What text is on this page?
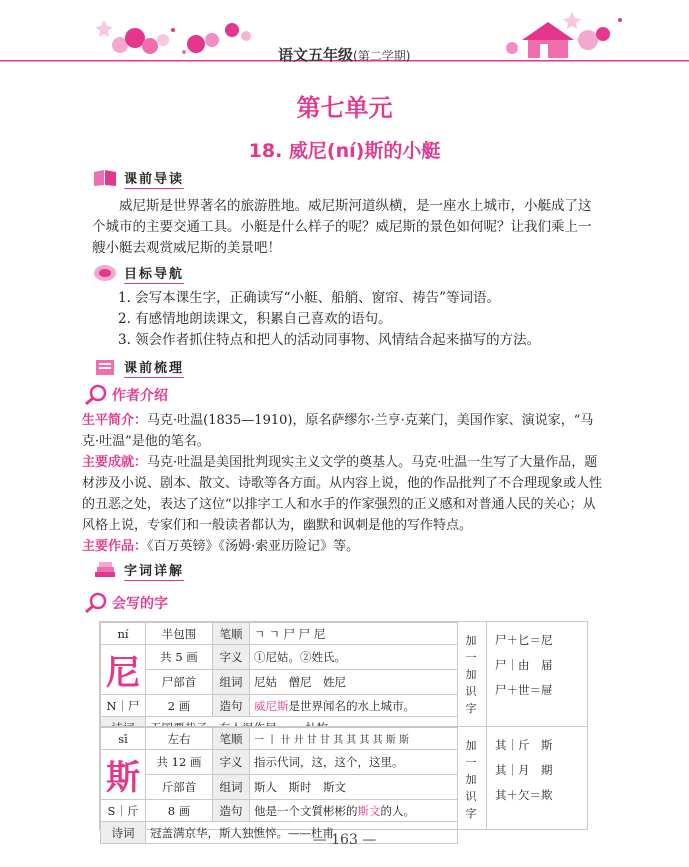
语文五年级(第二学期)
第七单元
18. 威尼(ní)斯的小艇
课前导读
威尼斯是世界著名的旅游胜地。威尼斯河道纵横，是一座水上城市，小艇成了这个城市的主要交通工具。小艇是什么样子的呢？威尼斯的景色如何呢？让我们乘上一艘小艇去观赏威尼斯的美景吧！
目标导航
1. 会写本课生字，正确读写“小艇、船艄、窗帘、祷告”等词语。
2. 有感情地朗读课文，积累自己喜欢的语句。
3. 领会作者抓住特点和把人的活动同事物、风情结合起来描写的方法。
课前梳理
作者介绍
生平简介：马克·吐温(1835—1910)，原名萨缪尔·兰亨·克莱门，美国作家、演说家，“马克·吐温”是他的笔名。
主要成就：马克·吐温是美国批判现实主义文学的奠基人。马克·吐温一生写了大量作品，题材涉及小说、剧本、散文、诗歌等各方面。从内容上说，他的作品批判了不合理现象或人性的丑恶之处，表达了这位“以排字工人和水手的作家强烈的正义感和对普通人民的关心；从风格上说，专家们和一般读者都认为，幽默和讽刺是他的写作特点。
主要作品：《百万英镑》《汤姆·索亚历险记》等。
字词详解
会写的字
ní	半包围	笔顺	ㄱ ㄱ 尸 尸 尼
尼	共 5 画	字义	①尼姑。②姓氏。
	尸部首	组词	尼姑　僧尼　姓尼
N｜尸	2 画	造句	威尼斯是世界闻名的水上城市。

加一加识字
尸＋匕＝尼
尸｜由　届
尸＋世＝屉
sī	左右	笔顺	一 丨 卄 廾 甘 甘 其 其 其 其 斯 斯
斯	共 12 画	字义	指示代词，这，这个，这里。
	斤部首	组词	斯人　斯时　斯文
S｜斤	8 画	造句	他是一个文質彬彬的斯文的人。
诗词	冠盖满京华，斯人独憔悴。——杜甫		
加一加识字
其｜斤　斯
其｜月　期
其＋欠＝欺
— 163 —
